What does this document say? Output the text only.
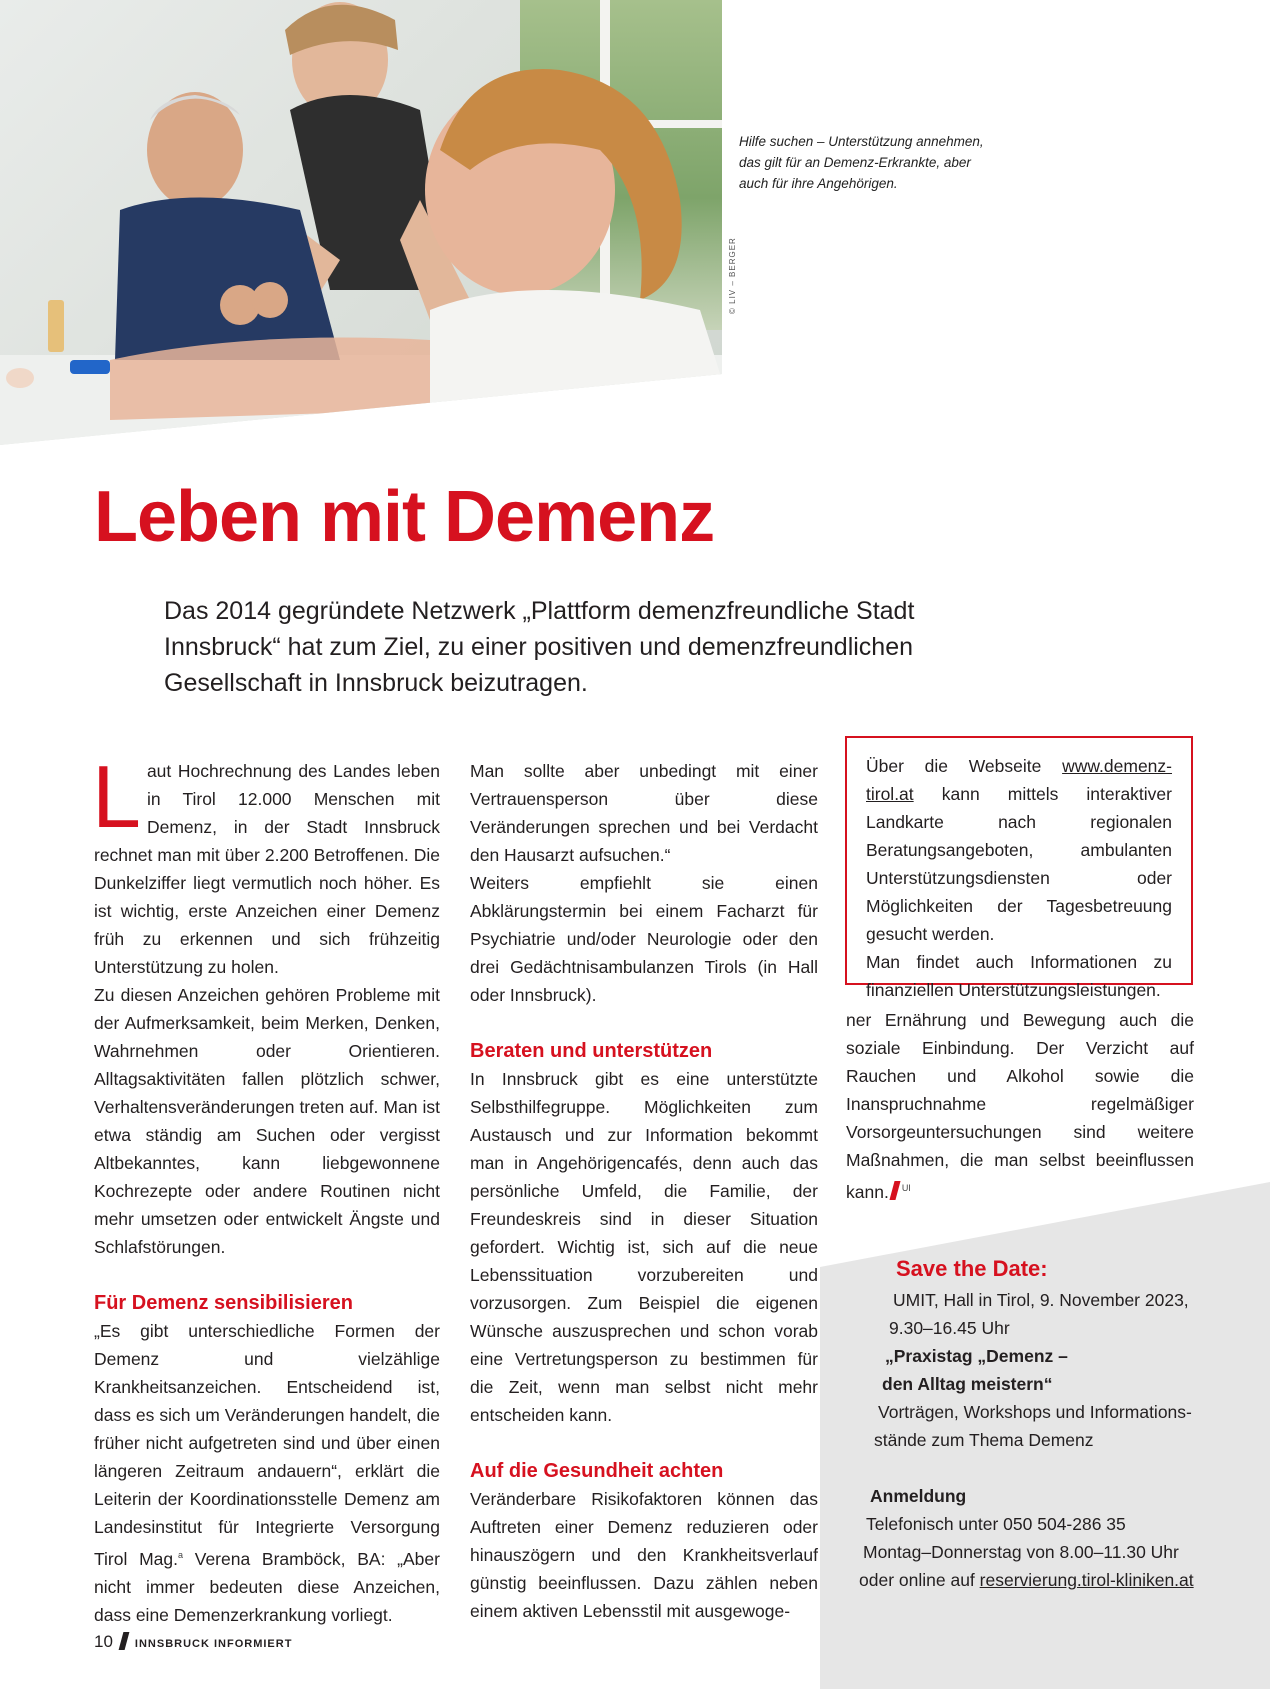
© LIV – BERGER
Hilfe suchen – Unterstützung annehmen, das gilt für an Demenz-Erkrankte, aber auch für ihre Angehörigen.
Leben mit Demenz

Das 2014 gegründete Netzwerk „Plattform demenzfreundliche Stadt Innsbruck“ hat zum Ziel, zu einer positiven und demenzfreundlichen Gesellschaft in Innsbruck beizutragen.

Laut Hochrechnung des Landes leben in Tirol 12.000 Menschen mit Demenz, in der Stadt Innsbruck rechnet man mit über 2.200 Betroffenen. Die Dunkelziffer liegt vermutlich noch höher. Es ist wichtig, erste Anzeichen einer Demenz früh zu erkennen und sich frühzeitig Unterstützung zu holen.

Zu diesen Anzeichen gehören Probleme mit der Aufmerksamkeit, beim Merken, Denken, Wahrnehmen oder Orientieren. Alltagsaktivitäten fallen plötzlich schwer, Verhaltensveränderungen treten auf. Man ist etwa ständig am Suchen oder vergisst Altbekanntes, kann liebgewonnene Kochrezepte oder andere Routinen nicht mehr umsetzen oder entwickelt Ängste und Schlafstörungen.

Für Demenz sensibilisieren

„Es gibt unterschiedliche Formen der Demenz und vielzählige Krankheitsanzeichen. Entscheidend ist, dass es sich um Veränderungen handelt, die früher nicht aufgetreten sind und über einen längeren Zeitraum andauern“, erklärt die Leiterin der Koordinationsstelle Demenz am Landesinstitut für Integrierte Versorgung Tirol Mag.$^a$ Verena Bramböck, BA: „Aber nicht immer bedeuten diese Anzeichen, dass eine Demenzerkrankung vorliegt.

Man sollte aber unbedingt mit einer Vertrauensperson über diese Veränderungen sprechen und bei Verdacht den Hausarzt aufsuchen.“

Weiters empfiehlt sie einen Abklärungstermin bei einem Facharzt für Psychiatrie und/oder Neurologie oder den drei Gedächtnisambulanzen Tirols (in Hall oder Innsbruck).

Beraten und unterstützen

In Innsbruck gibt es eine unterstützte Selbsthilfegruppe. Möglichkeiten zum Austausch und zur Information bekommt man in Angehörigencafés, denn auch das persönliche Umfeld, die Familie, der Freundeskreis sind in dieser Situation gefordert. Wichtig ist, sich auf die neue Lebenssituation vorzubereiten und vorzusorgen. Zum Beispiel die eigenen Wünsche auszusprechen und schon vorab eine Vertretungsperson zu bestimmen für die Zeit, wenn man selbst nicht mehr entscheiden kann.

Auf die Gesundheit achten

Veränderbare Risikofaktoren können das Auftreten einer Demenz reduzieren oder hinauszögern und den Krankheitsverlauf günstig beeinflussen. Dazu zählen neben einem aktiven Lebensstil mit ausgewoge-

Über die Webseite www.demenz-tirol.at kann mittels interaktiver Landkarte nach regionalen Beratungsangeboten, ambulanten Unterstützungsdiensten oder Möglichkeiten der Tagesbetreuung gesucht werden.

Man findet auch Informationen zu finanziellen Unterstützungsleistungen.

ner Ernährung und Bewegung auch die soziale Einbindung. Der Verzicht auf Rauchen und Alkohol sowie die Inanspruchnahme regelmäßiger Vorsorgeuntersuchungen sind weitere Maßnahmen, die man selbst beeinflussen kann. $^{UI}$

Save the Date:
UMIT, Hall in Tirol, 9. November 2023,
9.30–16.45 Uhr
„Praxistag „Demenz –
den Alltag meistern“
Vorträgen, Workshops und Informations-
stände zum Thema Demenz
Anmeldung
Telefonisch unter 050 504-286 35
Montag–Donnerstag von 8.00–11.30 Uhr
oder online auf reservierung.tirol-kliniken.at
10 INNSBRUCK INFORMIERT
